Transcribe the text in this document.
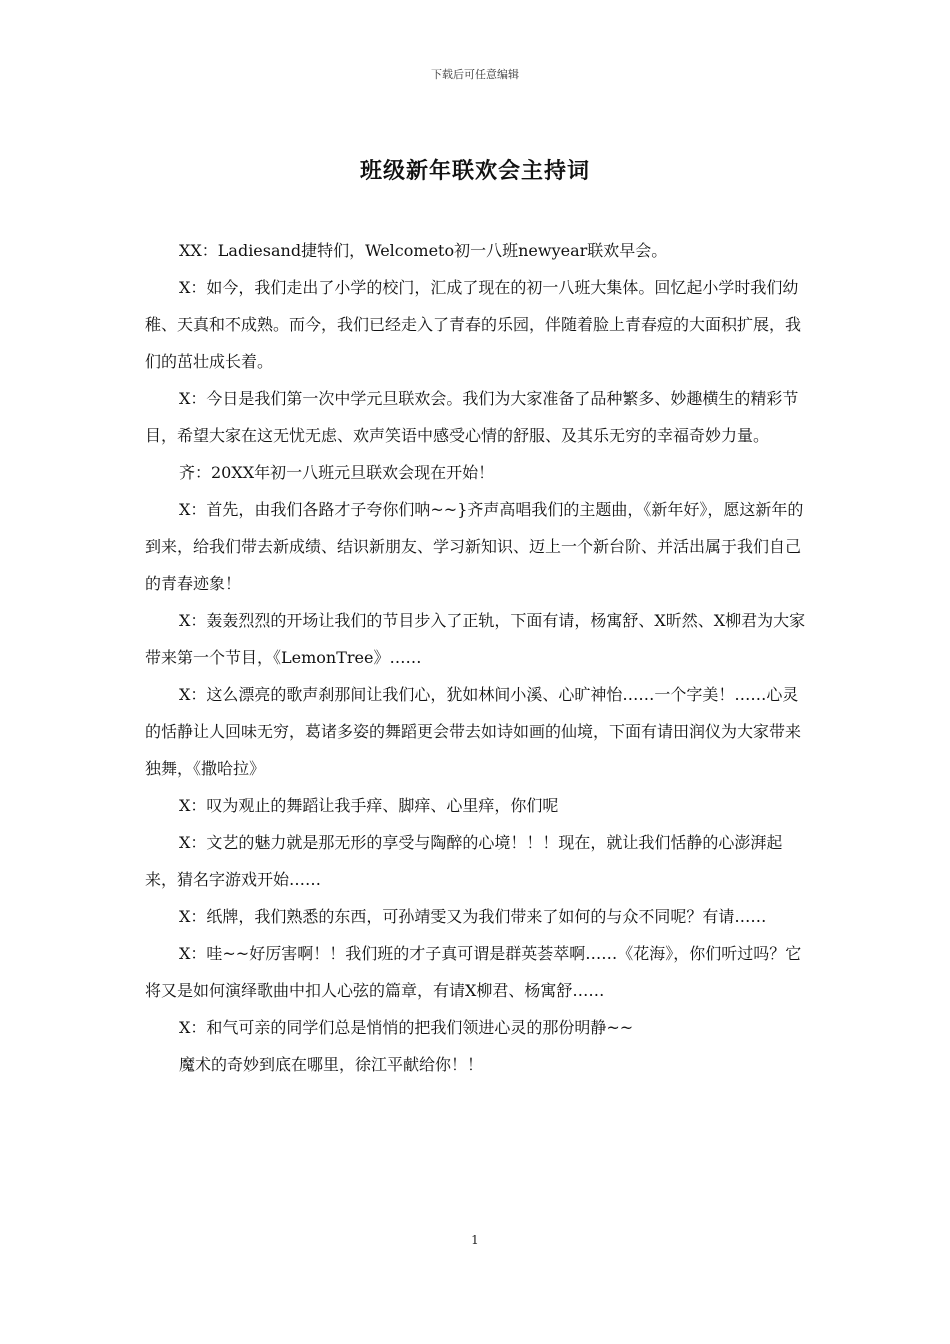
下载后可任意编辑
班级新年联欢会主持词

XX：Ladiesand捷特们，Welcometo初一八班newyear联欢早会。

X：如今，我们走出了小学的校门，汇成了现在的初一八班大集体。回忆起小学时我们幼稚、天真和不成熟。而今，我们已经走入了青春的乐园，伴随着脸上青春痘的大面积扩展，我们的茁壮成长着。

X：今日是我们第一次中学元旦联欢会。我们为大家准备了品种繁多、妙趣横生的精彩节目，希望大家在这无忧无虑、欢声笑语中感受心情的舒服、及其乐无穷的幸福奇妙力量。

齐：20XX年初一八班元旦联欢会现在开始！

X：首先，由我们各路才子夸你们呐~~}齐声高唱我们的主题曲，《新年好》，愿这新年的到来，给我们带去新成绩、结识新朋友、学习新知识、迈上一个新台阶、并活出属于我们自己的青春迹象！

X：轰轰烈烈的开场让我们的节目步入了正轨，下面有请，杨寓舒、X昕然、X柳君为大家带来第一个节目，《LemonTree》……

X：这么漂亮的歌声刹那间让我们心，犹如林间小溪、心旷神怡……一个字美！……心灵的恬静让人回味无穷，葛诸多姿的舞蹈更会带去如诗如画的仙境，下面有请田润仪为大家带来独舞，《撒哈拉》

X：叹为观止的舞蹈让我手痒、脚痒、心里痒，你们呢

X：文艺的魅力就是那无形的享受与陶醉的心境！！！现在，就让我们恬静的心澎湃起来，猜名字游戏开始……

X：纸牌，我们熟悉的东西，可孙靖雯又为我们带来了如何的与众不同呢？有请……

X：哇~~好厉害啊！！我们班的才子真可谓是群英荟萃啊……《花海》，你们听过吗？它将又是如何演绎歌曲中扣人心弦的篇章，有请X柳君、杨寓舒……

X：和气可亲的同学们总是悄悄的把我们领进心灵的那份明静~~

魔术的奇妙到底在哪里，徐江平献给你！！

1
